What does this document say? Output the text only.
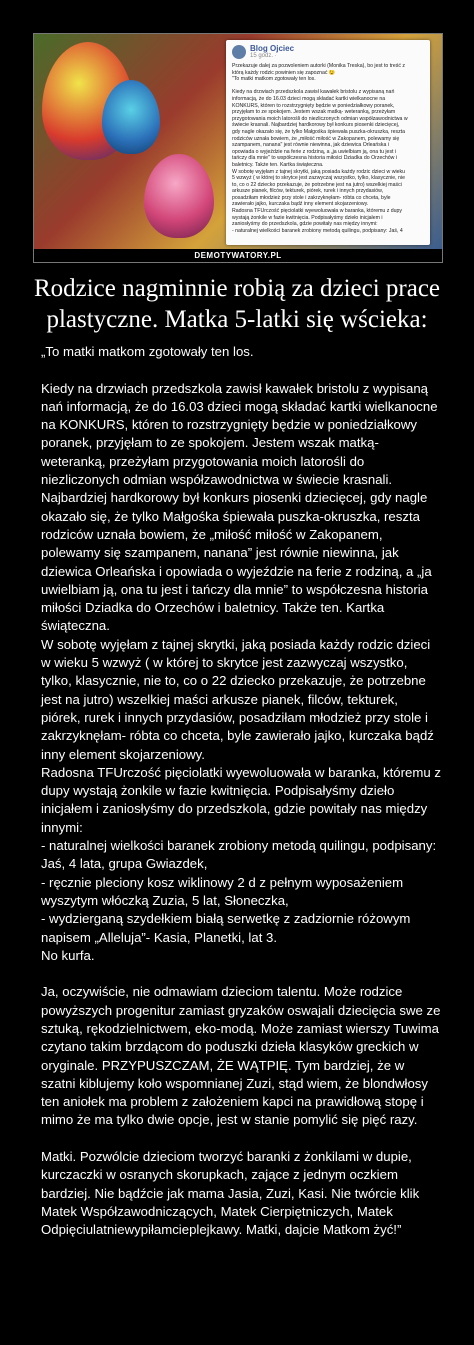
Blog Ojciec
15 godz. ·
Przekazuje dalej za pozwoleniem autorki (Monika Treska), bo jest to treść z
którą każdy rodzic powinien się zapoznać 😉
"To matki matkom zgotowały ten los.
Kiedy na drzwiach przedszkola zawisł kawałek bristolu z wypisaną nań
informacją, że do 16.03 dzieci mogą składać kartki wielkanocne na
KONKURS, któren to rozstrzygnięty będzie w poniedziałkowy poranek,
przyjęłam to ze spokojem. Jestem wszak matką- weteranką, przeżyłam
przygotowania moich latorośli do niezliczonych odmian współzawodnictwa w
świecie krasnali. Najbardziej hardkorowy był konkurs piosenki dziecięcej,
gdy nagle okazało się, że tylko Małgośka śpiewała puszka-okruszka, reszta
rodziców uznała bowiem, że „miłość miłość w Zakopanem, polewamy się
szampanem, nanana" jest równie niewinna, jak dziewica Orleańska i
opowiada o wyjeździe na ferie z rodziną, a „ja uwielbiam ją, ona tu jest i
tańczy dla mnie" to współczesna historia miłości Dziadka do Orzechów i
baletnicy. Także ten. Kartka świąteczna.
W sobotę wyjęłam z tajnej skrytki, jaką posiada każdy rodzic dzieci w wieku
5 wzwyż ( w której to skrytce jest zazwyczaj wszystko, tylko, klasycznie, nie
to, co o 22 dziecko przekazuje, że potrzebne jest na jutro) wszelkiej maści
arkusze pianek, filców, tekturek, piórek, rurek i innych przydasiów,
posadziłam młodzież przy stole i zakrzyknęłam- róbta co chceta, byle
zawierało jajko, kurczaka bądź inny element skojarzeniowy.
Radosna TFUrczość pięciolatki wyewoluowała w baranka, któremu z dupy
wystają żonkile w fazie kwitnięcia. Podpisałyśmy dzieło inicjałem i
zaniosłyśmy do przedszkola, gdzie powitały nas między innymi:
- naturalnej wielkości baranek zrobiony metodą quilingu, podpisany: Jaś, 4
DEMOTYWATORY.PL
Rodzice nagminnie robią za dzieci prace plastyczne. Matka 5-latki się wścieka:
„To matki matkom zgotowały ten los.

Kiedy na drzwiach przedszkola zawisł kawałek bristolu z wypisaną nań informacją, że do 16.03 dzieci mogą składać kartki wielkanocne na KONKURS, któren to rozstrzygnięty będzie w poniedziałkowy poranek, przyjęłam to ze spokojem. Jestem wszak matką- weteranką, przeżyłam przygotowania moich latorośli do niezliczonych odmian współzawodnictwa w świecie krasnali. Najbardziej hardkorowy był konkurs piosenki dziecięcej, gdy nagle okazało się, że tylko Małgośka śpiewała puszka-okruszka, reszta rodziców uznała bowiem, że „miłość miłość w Zakopanem, polewamy się szampanem, nanana” jest równie niewinna, jak dziewica Orleańska i opowiada o wyjeździe na ferie z rodziną, a „ja uwielbiam ją, ona tu jest i tańczy dla mnie” to współczesna historia miłości Dziadka do Orzechów i baletnicy. Także ten. Kartka świąteczna.
W sobotę wyjęłam z tajnej skrytki, jaką posiada każdy rodzic dzieci w wieku 5 wzwyż ( w której to skrytce jest zazwyczaj wszystko, tylko, klasycznie, nie to, co o 22 dziecko przekazuje, że potrzebne jest na jutro) wszelkiej maści arkusze pianek, filców, tekturek, piórek, rurek i innych przydasiów, posadziłam młodzież przy stole i zakrzyknęłam- róbta co chceta, byle zawierało jajko, kurczaka bądź inny element skojarzeniowy.
Radosna TFUrczość pięciolatki wyewoluowała w baranka, któremu z dupy wystają żonkile w fazie kwitnięcia. Podpisałyśmy dzieło inicjałem i zaniosłyśmy do przedszkola, gdzie powitały nas między innymi:
- naturalnej wielkości baranek zrobiony metodą quilingu, podpisany: Jaś, 4 lata, grupa Gwiazdek,
- ręcznie pleciony kosz wiklinowy 2 d z pełnym wyposażeniem wyszytym włóczką Zuzia, 5 lat, Słoneczka,
- wydzierganą szydełkiem białą serwetkę z zadziornie różowym napisem „Alleluja”- Kasia, Planetki, lat 3.
No kurfa.

Ja, oczywiście, nie odmawiam dzieciom talentu. Może rodzice powyższych progenitur zamiast gryzaków oswajali dziecięcia swe ze sztuką, rękodzielnictwem, eko-modą. Może zamiast wierszy Tuwima czytano takim brzdącom do poduszki dzieła klasyków greckich w oryginale. PRZYPUSZCZAM, ŻE WĄTPIĘ. Tym bardziej, że w szatni kiblujemy koło wspomnianej Zuzi, stąd wiem, że blondwłosy ten aniołek ma problem z założeniem kapci na prawidłową stopę i mimo że ma tylko dwie opcje, jest w stanie pomylić się pięć razy.

Matki. Pozwólcie dzieciom tworzyć baranki z żonkilami w dupie, kurczaczki w osranych skorupkach, zające z jednym oczkiem bardziej. Nie bądźcie jak mama Jasia, Zuzi, Kasi. Nie twórcie klik Matek Współzawodniczących, Matek Cierpiętniczych, Matek Odpięciulatniewypiłamcieplejkawy. Matki, dajcie Matkom żyć!”
